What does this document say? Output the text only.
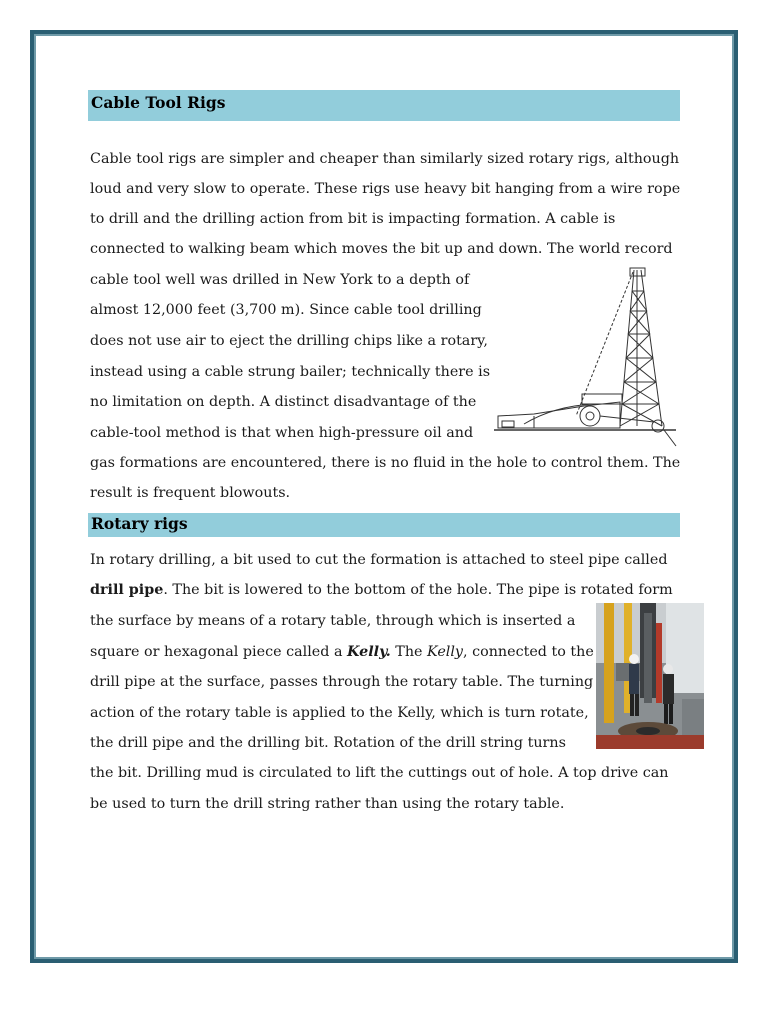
Cable Tool Rigs
Cable tool rigs are simpler and cheaper than similarly sized rotary rigs, although
loud and very slow to operate. These rigs use heavy bit hanging from a wire rope
to drill and the drilling action from bit is impacting formation. A cable is
connected to walking beam which moves the bit up and down. The world record
cable tool well was drilled in New York to a depth of
almost 12,000 feet (3,700 m). Since cable tool drilling
does not use air to eject the drilling chips like a rotary,
instead using a cable strung bailer; technically there is
no limitation on depth. A distinct disadvantage of the
cable-tool method is that when high-pressure oil and
gas formations are encountered, there is no fluid in the hole to control them. The
result is frequent blowouts.
Rotary rigs
In rotary drilling, a bit used to cut the formation is attached to steel pipe called
drill pipe. The bit is lowered to the bottom of the hole. The pipe is rotated form
the surface by means of a rotary table, through which is inserted a
square or hexagonal piece called a Kelly. The Kelly, connected to the
drill pipe at the surface, passes through the rotary table. The turning
action of the rotary table is applied to the Kelly, which is turn rotate,
the drill pipe and the drilling bit. Rotation of the drill string turns
the bit. Drilling mud is circulated to lift the cuttings out of hole. A top drive can
be used to turn the drill string rather than using the rotary table.
